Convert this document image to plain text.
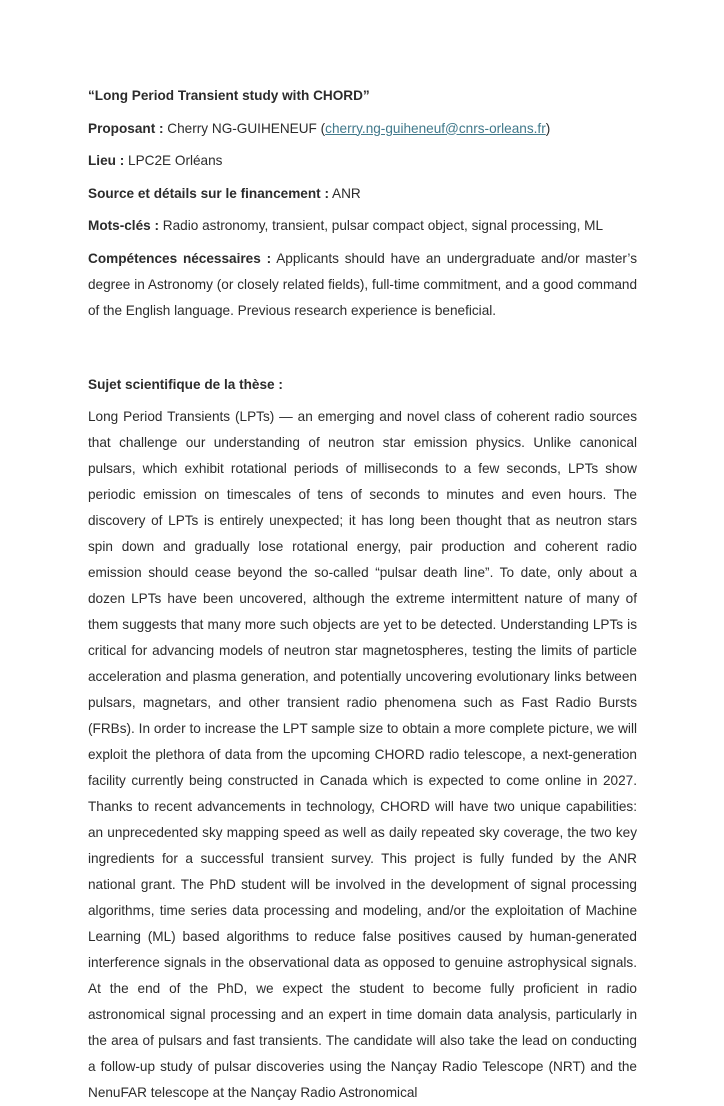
“Long Period Transient study with CHORD”

Proposant : Cherry NG-GUIHENEUF (cherry.ng-guiheneuf@cnrs-orleans.fr)

Lieu : LPC2E Orléans

Source et détails sur le financement : ANR

Mots-clés : Radio astronomy, transient, pulsar compact object, signal processing, ML

Compétences nécessaires : Applicants should have an undergraduate and/or master’s degree in Astronomy (or closely related fields), full-time commitment, and a good command of the English language. Previous research experience is beneficial.

Sujet scientifique de la thèse :

Long Period Transients (LPTs) — an emerging and novel class of coherent radio sources that challenge our understanding of neutron star emission physics. Unlike canonical pulsars, which exhibit rotational periods of milliseconds to a few seconds, LPTs show periodic emission on timescales of tens of seconds to minutes and even hours. The discovery of LPTs is entirely unexpected; it has long been thought that as neutron stars spin down and gradually lose rotational energy, pair production and coherent radio emission should cease beyond the so-called “pulsar death line”. To date, only about a dozen LPTs have been uncovered, although the extreme intermittent nature of many of them suggests that many more such objects are yet to be detected. Understanding LPTs is critical for advancing models of neutron star magnetospheres, testing the limits of particle acceleration and plasma generation, and potentially uncovering evolutionary links between pulsars, magnetars, and other transient radio phenomena such as Fast Radio Bursts (FRBs). In order to increase the LPT sample size to obtain a more complete picture, we will exploit the plethora of data from the upcoming CHORD radio telescope, a next-generation facility currently being constructed in Canada which is expected to come online in 2027. Thanks to recent advancements in technology, CHORD will have two unique capabilities: an unprecedented sky mapping speed as well as daily repeated sky coverage, the two key ingredients for a successful transient survey. This project is fully funded by the ANR national grant. The PhD student will be involved in the development of signal processing algorithms, time series data processing and modeling, and/or the exploitation of Machine Learning (ML) based algorithms to reduce false positives caused by human-generated interference signals in the observational data as opposed to genuine astrophysical signals. At the end of the PhD, we expect the student to become fully proficient in radio astronomical signal processing and an expert in time domain data analysis, particularly in the area of pulsars and fast transients. The candidate will also take the lead on conducting a follow-up study of pulsar discoveries using the Nançay Radio Telescope (NRT) and the NenuFAR telescope at the Nançay Radio Astronomical
